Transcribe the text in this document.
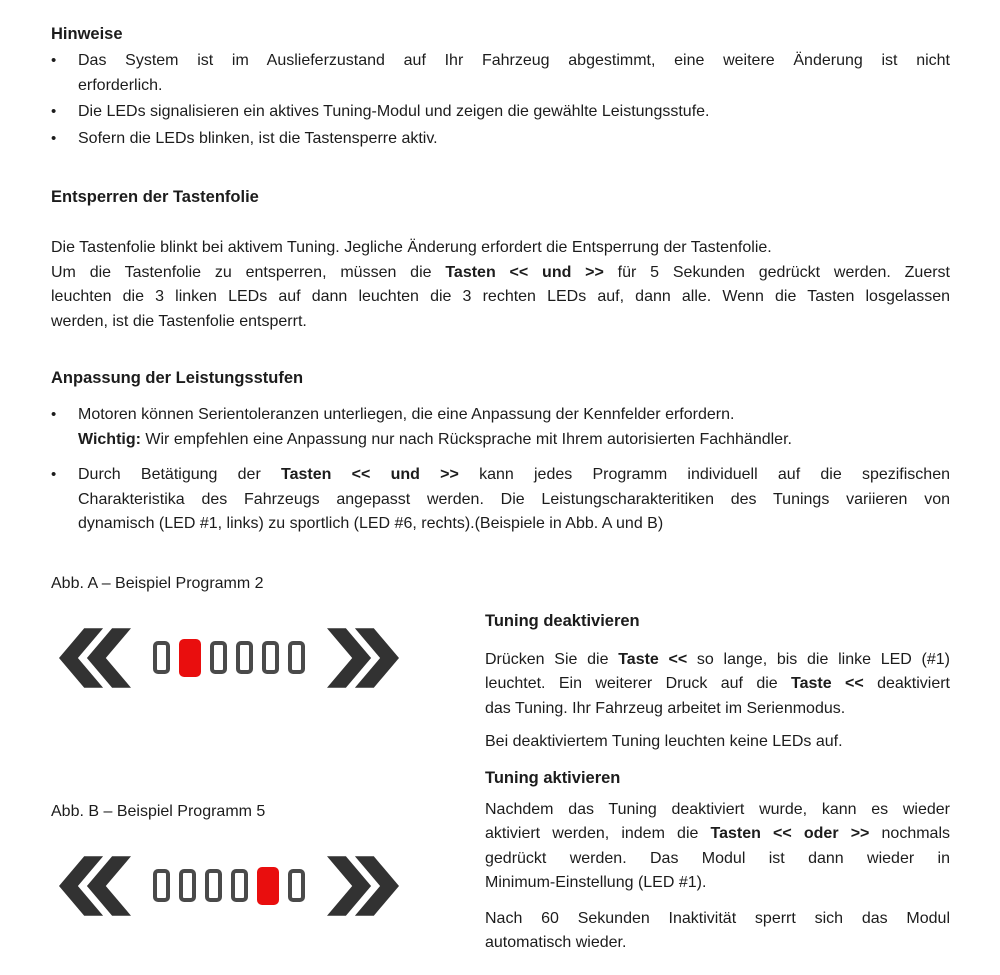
Hinweise
•	Das System ist im Auslieferzustand auf Ihr Fahrzeug abgestimmt, eine weitere Änderung ist nicht
erforderlich.
•	Die LEDs signalisieren ein aktives Tuning-Modul und zeigen die gewählte Leistungsstufe.
•	Sofern die LEDs blinken, ist die Tastensperre aktiv.
Entsperren der Tastenfolie
Die Tastenfolie blinkt bei aktivem Tuning. Jegliche Änderung erfordert die Entsperrung der Tastenfolie.
Um die Tastenfolie zu entsperren, müssen die Tasten << und >> für 5 Sekunden gedrückt werden. Zuerst
leuchten die 3 linken LEDs auf dann leuchten die 3 rechten LEDs auf, dann alle. Wenn die Tasten losgelassen
werden, ist die Tastenfolie entsperrt.
Anpassung der Leistungsstufen
•	Motoren können Serientoleranzen unterliegen, die eine Anpassung der Kennfelder erfordern.
Wichtig: Wir empfehlen eine Anpassung nur nach Rücksprache mit Ihrem autorisierten Fachhändler.
•	Durch Betätigung der Tasten << und >> kann jedes Programm individuell auf die spezifischen
Charakteristika des Fahrzeugs angepasst werden. Die Leistungscharakteritiken des Tunings variieren von
dynamisch (LED #1, links) zu sportlich (LED #6, rechts).(Beispiele in Abb. A und B)
Abb. A – Beispiel Programm 2
Abb. B – Beispiel Programm 5
Tuning deaktivieren
Drücken Sie die Taste << so lange, bis die linke LED (#1)
leuchtet. Ein weiterer Druck auf die Taste << deaktiviert
das Tuning. Ihr Fahrzeug arbeitet im Serienmodus.
Bei deaktiviertem Tuning leuchten keine LEDs auf.
Tuning aktivieren
Nachdem das Tuning deaktiviert wurde, kann es wieder
aktiviert werden, indem die Tasten << oder >> nochmals
gedrückt werden. Das Modul ist dann wieder in
Minimum-Einstellung (LED #1).
Nach 60 Sekunden Inaktivität sperrt sich das Modul
automatisch wieder.
